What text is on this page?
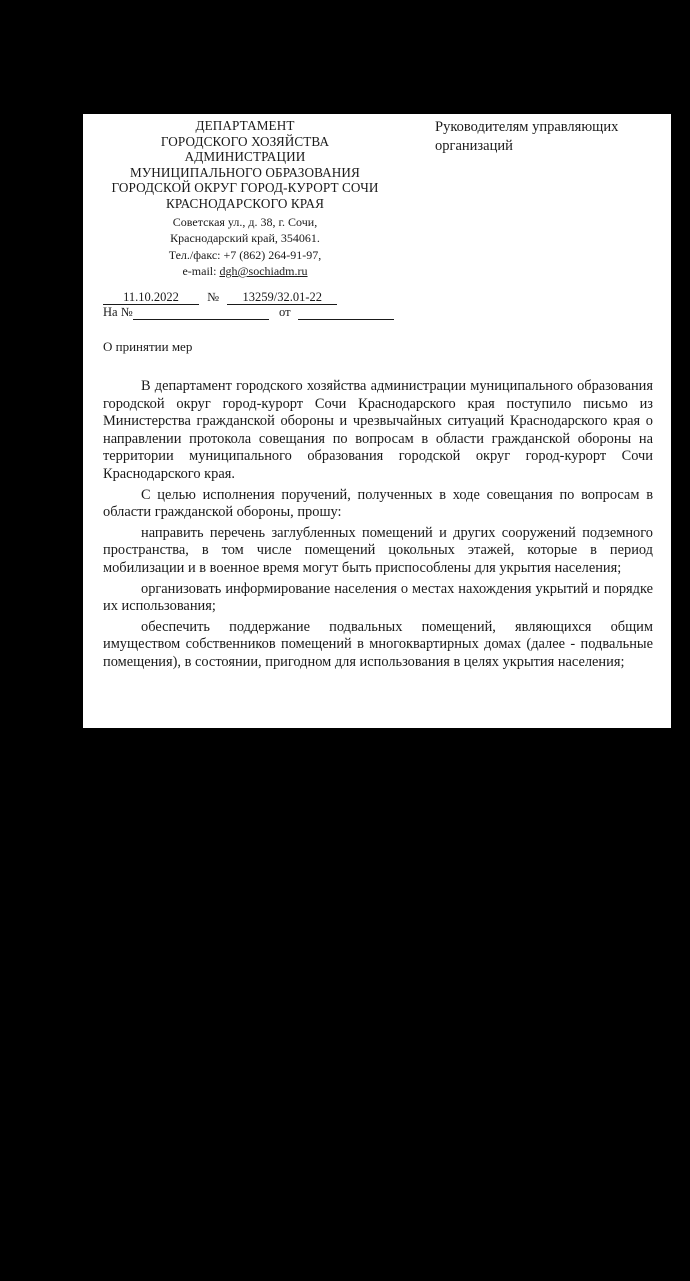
ДЕПАРТАМЕНТ
ГОРОДСКОГО ХОЗЯЙСТВА
АДМИНИСТРАЦИИ
МУНИЦИПАЛЬНОГО ОБРАЗОВАНИЯ
ГОРОДСКОЙ ОКРУГ ГОРОД-КУРОРТ СОЧИ
КРАСНОДАРСКОГО КРАЯ
Советская ул., д. 38, г. Сочи,
Краснодарский край, 354061.
Тел./факс: +7 (862) 264-91-97,
e-mail: dgh@sochiadm.ru
Руководителям управляющих организаций
11.10.2022 № 13259/32.01-22
На №	от
О принятии мер

В департамент городского хозяйства администрации муниципального образования городской округ город-курорт Сочи Краснодарского края поступило письмо из Министерства гражданской обороны и чрезвычайных ситуаций Краснодарского края о направлении протокола совещания по вопросам в области гражданской обороны на территории муниципального образования городской округ город-курорт Сочи Краснодарского края.

С целью исполнения поручений, полученных в ходе совещания по вопросам в области гражданской обороны, прошу:

направить перечень заглубленных помещений и других сооружений подземного пространства, в том числе помещений цокольных этажей, которые в период мобилизации и в военное время могут быть приспособлены для укрытия населения;

организовать информирование населения о местах нахождения укрытий и порядке их использования;

обеспечить поддержание подвальных помещений, являющихся общим имуществом собственников помещений в многоквартирных домах (далее - подвальные помещения), в состоянии, пригодном для использования в целях укрытия населения;
